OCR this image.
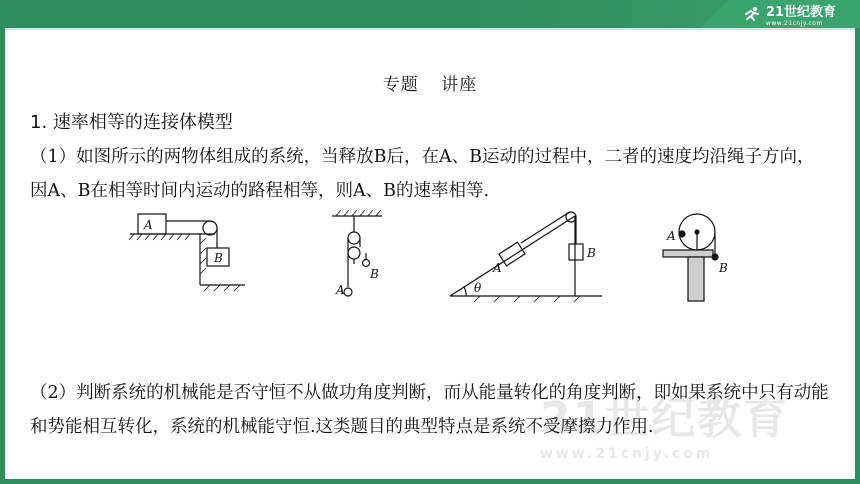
21世纪教育
www.21cnjy.com
21世纪教育
www.21cnjy.com
专题 讲座
1. 速率相等的连接体模型
（1）如图所示的两物体组成的系统，当释放B后，在A、B运动的过程中，二者的速度均沿绳子方向，因A、B在相等时间内运动的路程相等，则A、B的速率相等.
A
B
A
B	A
B
θ
A
B
（2）判断系统的机械能是否守恒不从做功角度判断，而从能量转化的角度判断，即如果系统中只有动能和势能相互转化，系统的机械能守恒.这类题目的典型特点是系统不受摩擦力作用.
